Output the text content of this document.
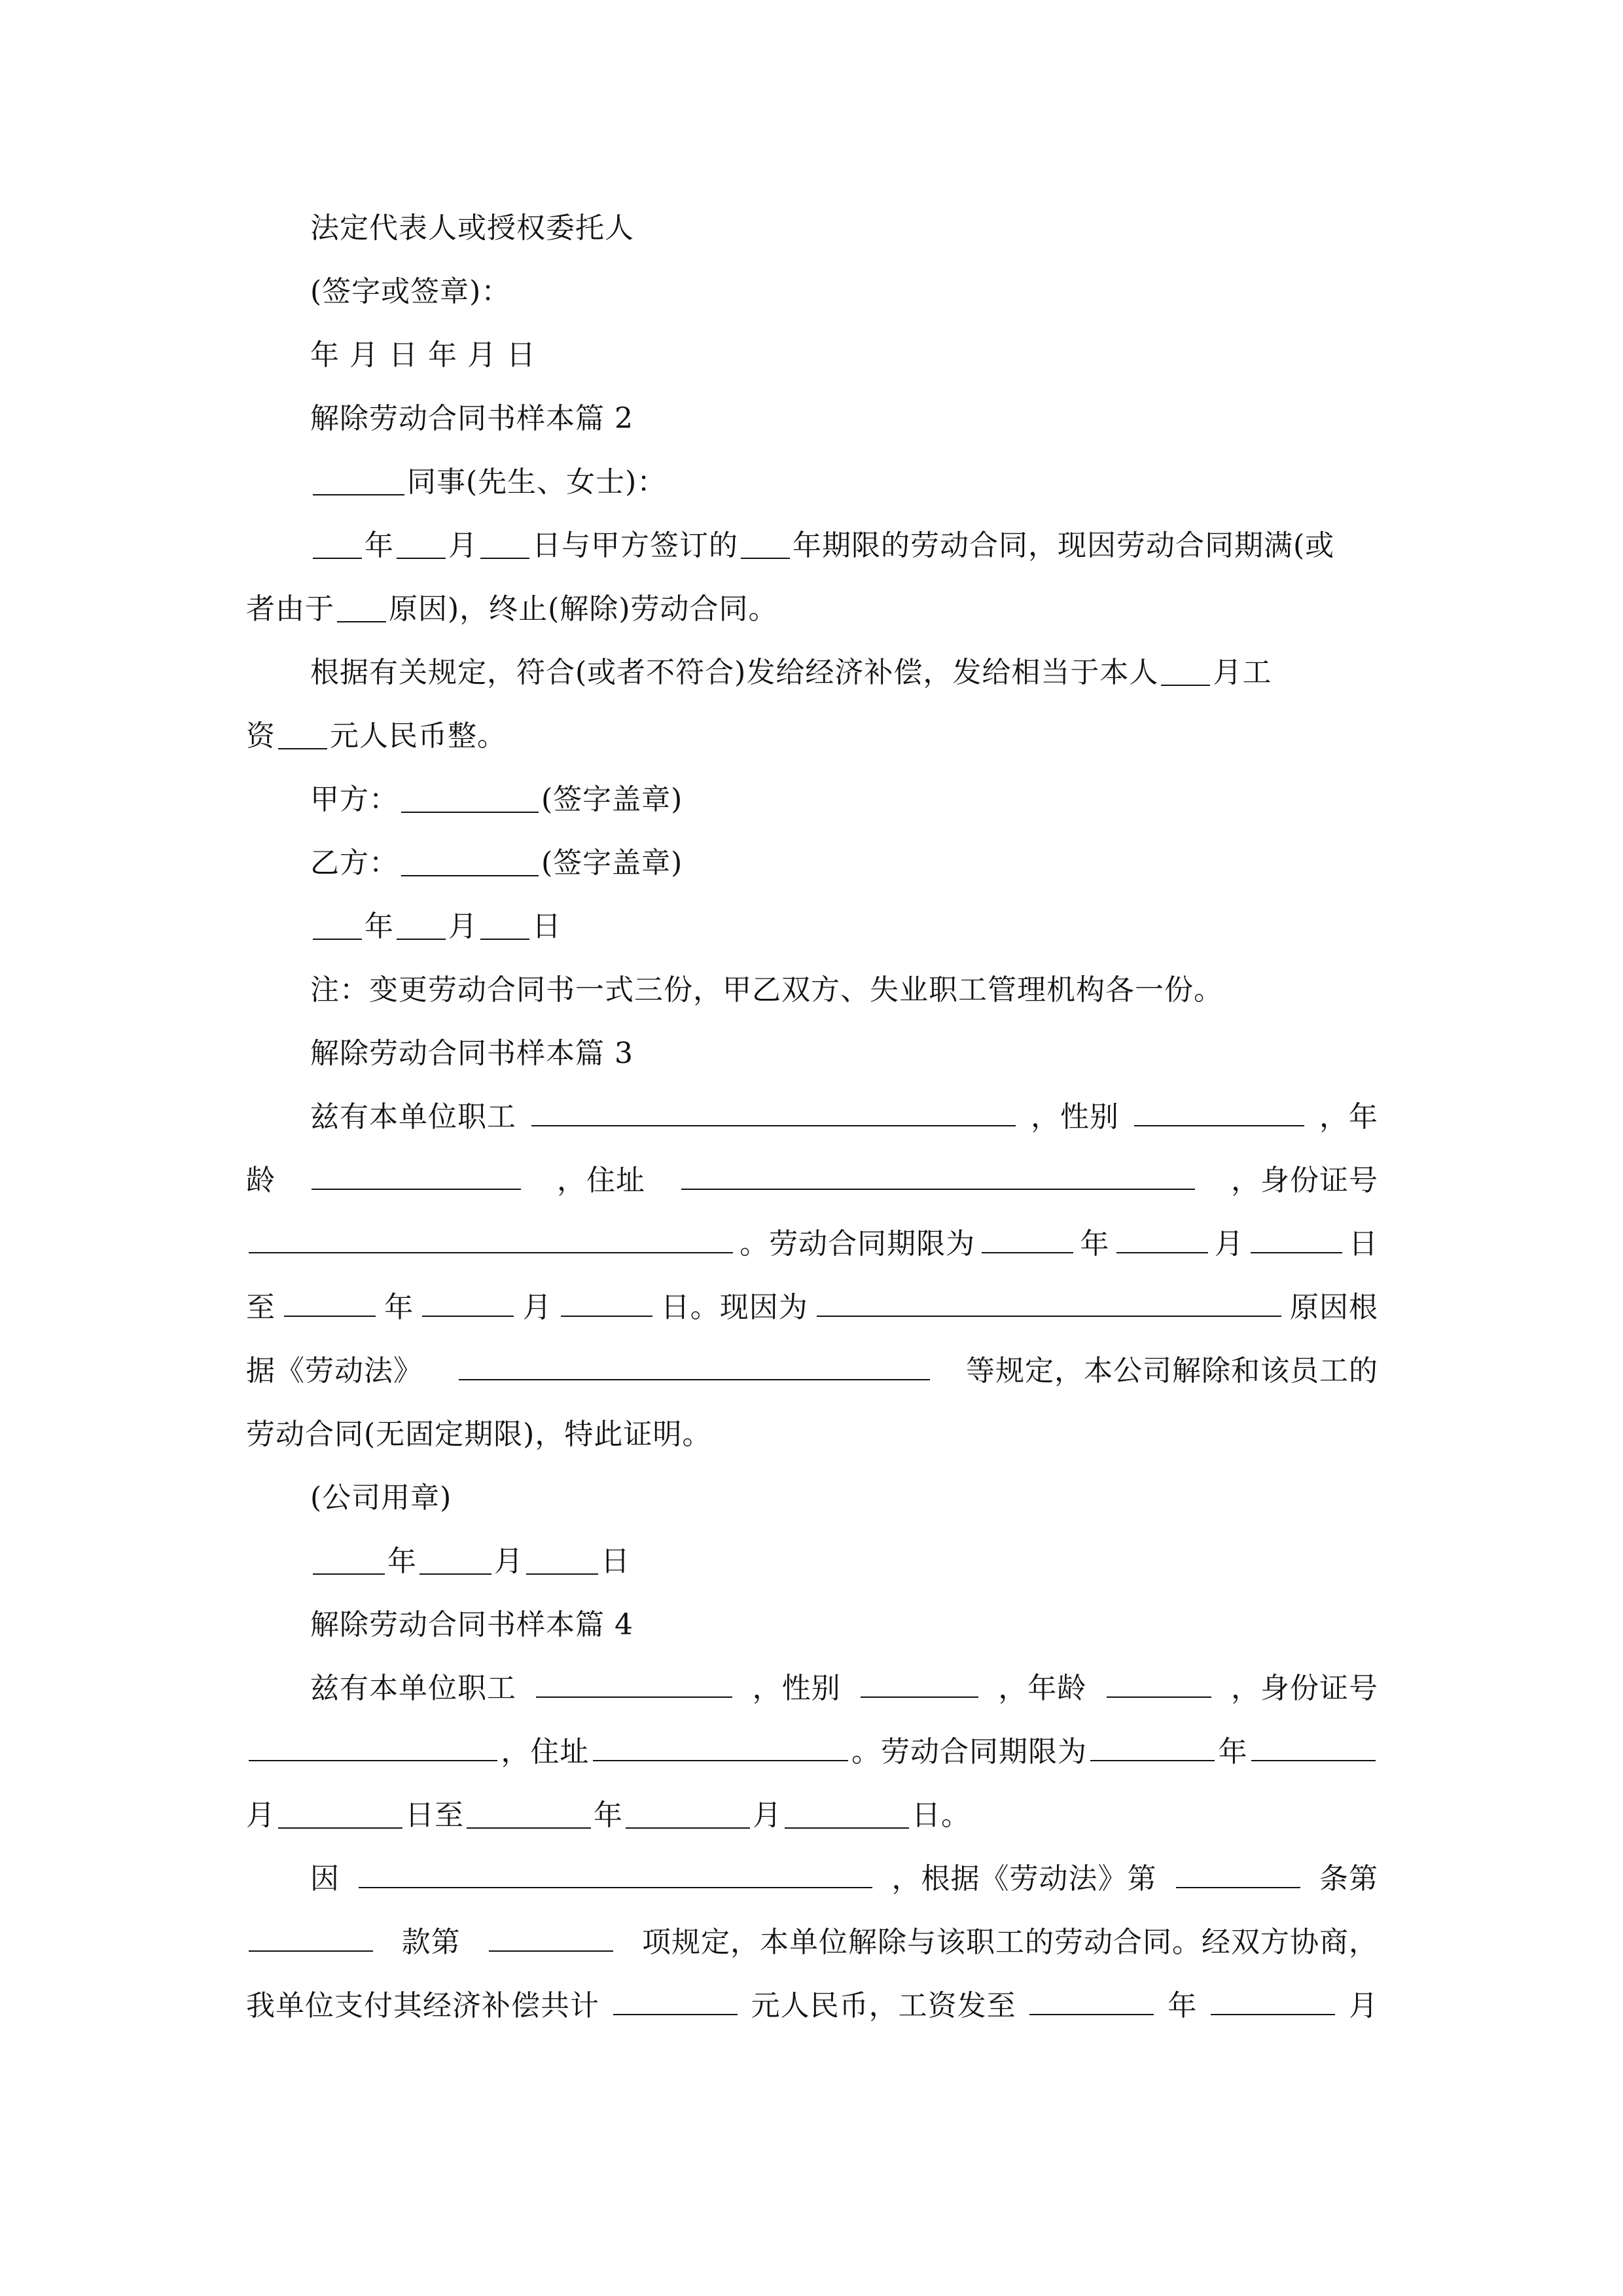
法定代表人或授权委托人
(签字或签章)：
年 月 日 年 月 日
解除劳动合同书样本篇 2
同事(先生、女士)：
年 月 日与甲方签订的 年期限的劳动合同，现因劳动合同期满(或
者由于 原因)，终止(解除)劳动合同。
根据有关规定，符合(或者不符合)发给经济补偿，发给相当于本人 月工
资 元人民币整。
甲方：	(签字盖章)
乙方：	(签字盖章)
年 月 日
注：变更劳动合同书一式三份，甲乙双方、失业职工管理机构各一份。
解除劳动合同书样本篇 3
兹有本单位职工	，性别	，年
龄	，住址	，身份证号
。劳动合同期限为	年	月	日
至	年	月	日。现因为	原因根
据《劳动法》	等规定，本公司解除和该员工的
劳动合同(无固定期限)，特此证明。
(公司用章)
年	月	日
解除劳动合同书样本篇 4
兹有本单位职工	，性别	，年龄	，身份证号
，住址	。劳动合同期限为	年
月	日至	年	月	日。
因	，根据《劳动法》第	条第
款第	项规定，本单位解除与该职工的劳动合同。经双方协商，
我单位支付其经济补偿共计	元人民币，工资发至	年	月
